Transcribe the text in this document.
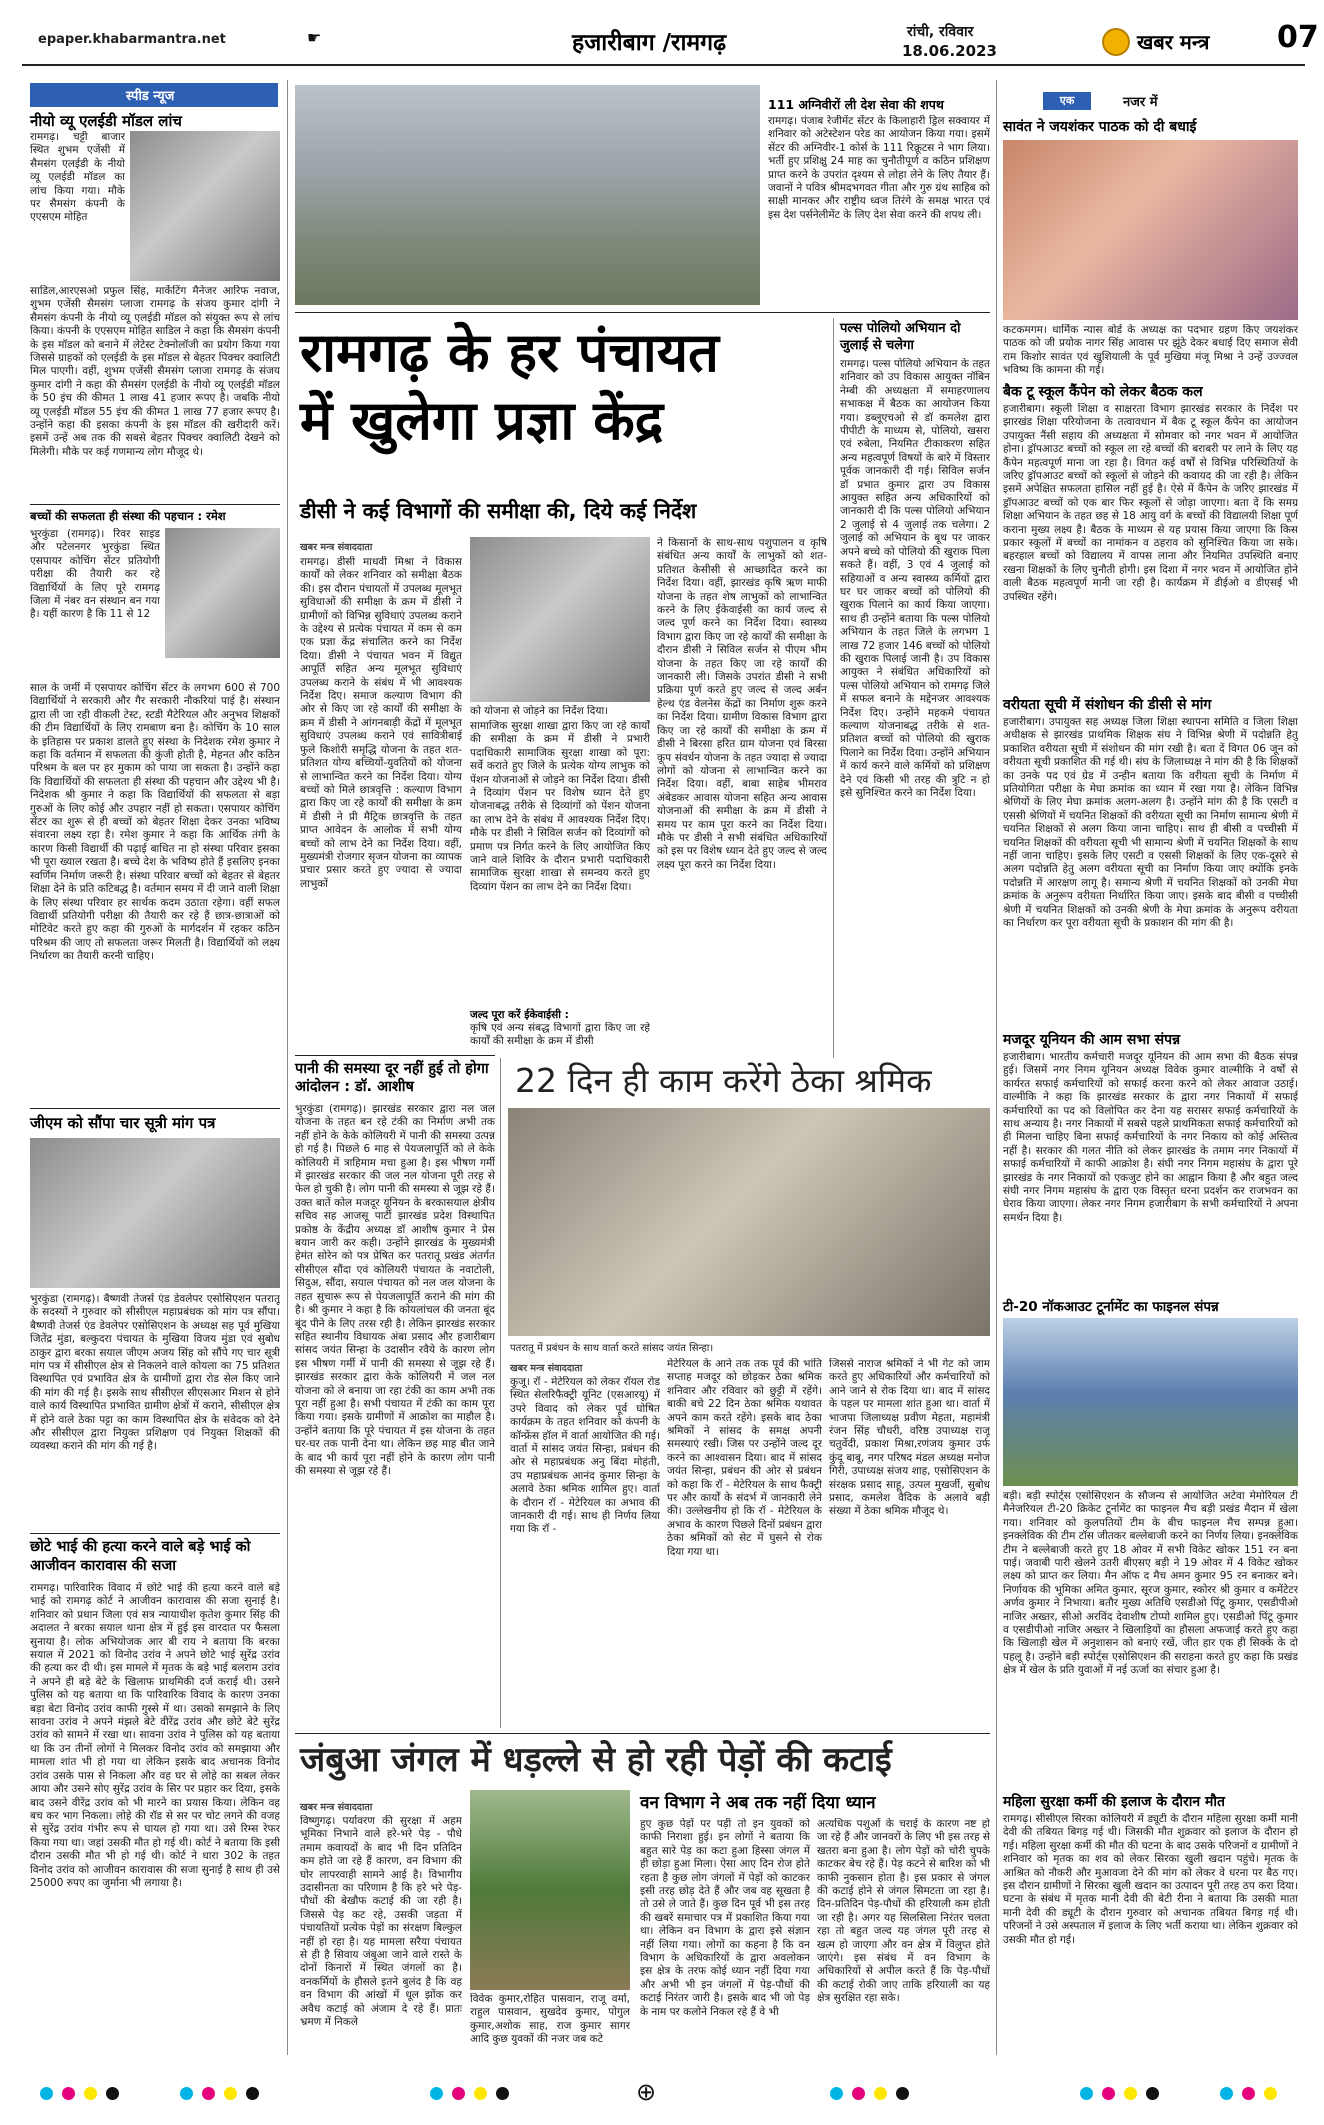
epaper.khabarmantra.net	☛	हजारीबाग /रामगढ़	रांची, रविवार
18.06.2023	खबर मन्त्र 07
स्पीड न्यूज
नीयो व्यू एलईडी मॉडल लांच
रामगढ़। चट्टी बाजार स्थित शुभम एजेंसी में सैमसंग एलईडी के नीयो व्यू एलईडी मॉडल का लांच किया गया। मौके पर सैमसंग कंपनी के एएसएम मोहित
साडिल,आरएसओ प्रफुल सिंह, मार्केटिंग मैनेजर आरिफ नवाज, शुभम एजेंसी सैमसंग प्लाजा रामगढ़ के संजय कुमार दांगी ने सैमसंग कंपनी के नीयो व्यू एलईडी मॉडल को संयुक्त रूप से लांच किया। कंपनी के एएसएम मोहित साडिल ने कहा कि सैमसंग कंपनी के इस मॉडल को बनाने में लेटेस्ट टेक्नोलॉजी का प्रयोग किया गया जिससे ग्राहकों को एलईडी के इस मॉडल से बेहतर पिक्चर क्वालिटी मिल पाएगी। वहीं, शुभम एजेंसी सैमसंग प्लाजा रामगढ़ के संजय कुमार दांगी ने कहा की सैमसंग एलईडी के नीयो व्यू एलईडी मॉडल के 50 इंच की कीमत 1 लाख 41 हजार रूपए है। जबकि नीयो व्यू एलईडी मॉडल 55 इंच की कीमत 1 लाख 77 हजार रूपए है। उन्होंने कहा की इसका कंपनी के इस मॉडल की खरीदारी करें। इसमें उन्हें अब तक की सबसे बेहतर पिक्चर क्वालिटी देखने को मिलेगी। मौके पर कई गणमान्य लोग मौजूद थे।
बच्चों की सफलता ही संस्था की पहचान : रमेश
भुरकुंडा (रामगढ़)। रिवर साइड और पटेलनगर भुरकुंडा स्थित एसपायर कोचिंग सेंटर प्रतियोगी परीक्षा की तैयारी कर रहे विद्यार्थियों के लिए पूरे रामगढ़ जिला में नंबर वन संस्थान बन गया है। यहीं कारण है कि 11 से 12
साल के जमीं में एसपायर कोचिंग सेंटर के लगभग 600 से 700 विद्यार्थियों ने सरकारी और गैर सरकारी नौकरियां पाई है। संस्थान द्वारा ली जा रही वीकली टेस्ट, स्टडी मैटेरियल और अनुभव शिक्षकों की टीम विद्यार्थियों के लिए रामबाण बना है। कोचिंग के 10 साल के इतिहास पर प्रकाश डालते हुए संस्था के निदेशक रमेश कुमार ने कहा कि वर्तमान में सफलता की कुंजी होती है, मेहनत और कठिन परिश्रम के बल पर हर मुकाम को पाया जा सकता है। उन्होंने कहा कि विद्यार्थियों की सफलता ही संस्था की पहचान और उद्देश्य भी है। निदेशक श्री कुमार ने कहा कि विद्यार्थियों की सफलता से बड़ा गुरुओं के लिए कोई और उपहार नहीं हो सकता। एसपायर कोचिंग सेंटर का शुरू से ही बच्चों को बेहतर शिक्षा देकर उनका भविष्य संवारना लक्ष्य रहा है। रमेश कुमार ने कहा कि आर्थिक तंगी के कारण किसी विद्यार्थी की पढ़ाई बाधित ना हो संस्था परिवार इसका भी पूरा ख्याल रखता है। बच्चे देश के भविष्य होते हैं इसलिए इनका स्वर्णिम निर्माण जरूरी है। संस्था परिवार बच्चों को बेहतर से बेहतर शिक्षा देने के प्रति कटिबद्ध है। वर्तमान समय में दी जाने वाली शिक्षा के लिए संस्था परिवार हर सार्थक कदम उठाता रहेगा। वहीं सफल विद्यार्थी प्रतियोगी परीक्षा की तैयारी कर रहे हैं छात्र-छात्राओं को मोटिवेट करते हुए कहा की गुरुओं के मार्गदर्शन में रहकर कठिन परिश्रम की जाए तो सफलता जरूर मिलती है। विद्यार्थियों को लक्ष्य निर्धारण का तैयारी करनी चाहिए।
जीएम को सौंपा चार सूत्री मांग पत्र
भुरकुंडा (रामगढ़)। बैष्णवी तेजर्स एंड डेवलेपर एसोसिएशन पतरातू के सदस्यों ने गुरुवार को सीसीएल महाप्रबंधक को मांग पत्र सौंपा। बैष्णवी तेजर्स एंड डेवलेपर एसोसिएशन के अध्यक्ष सह पूर्व मुखिया जितेंद्र मुंडा, बल्कुदरा पंचायत के मुखिया विजय मुंडा एवं सुबोध ठाकुर द्वारा बरका सयाल जीएम अजय सिंह को सौंपे गए चार सूत्री मांग पत्र में सीसीएल क्षेत्र से निकलने वाले कोयला का 75 प्रतिशत विस्थापित एवं प्रभावित क्षेत्र के ग्रामीणों द्वारा रोड सेल किए जाने की मांग की गई है। इसके साथ सीसीएल सीएसआर मिशन से होने वाले कार्य विस्थापित प्रभावित ग्रामीण क्षेत्रों में कराने, सीसीएल क्षेत्र में होने वाले ठेका पट्टा का काम विस्थापित क्षेत्र के संवेदक को देने और सीसीएल द्वारा नियुक्त प्रशिक्षण एवं नियुक्त शिक्षकों की व्यवस्था कराने की मांग की गई है।
छोटे भाई की हत्या करने वाले बड़े भाई को आजीवन कारावास की सजा
रामगढ़। पारिवारिक विवाद में छोटे भाई की हत्या करने वाले बड़े भाई को रामगढ़ कोर्ट ने आजीवन कारावास की सजा सुनाई है। शनिवार को प्रधान जिला एवं सत्र न्यायाधीश कृतेश कुमार सिंह की अदालत ने बरका सयाल थाना क्षेत्र में हुई इस वारदात पर फैसला सुनाया है। लोक अभियोजक आर बी राय ने बताया कि बरका सयाल में 2021 को विनोद उरांव ने अपने छोटे भाई सुरेंद्र उरांव की हत्या कर दी थी। इस मामले में मृतक के बड़े भाई बलराम उरांव ने अपने ही बड़े बेटे के खिलाफ प्राथमिकी दर्ज कराई थी। उसने पुलिस को यह बताया था कि पारिवारिक विवाद के कारण उनका बड़ा बेटा विनोद उरांव काफी गुस्से में था। उसको समझाने के लिए सावना उरांव ने अपने मंझले बेटे वीरेंद्र उरांव और छोटे बेटे सुरेंद्र उरांव को सामने में रखा था। सावना उरांव ने पुलिस को यह बताया था कि उन तीनों लोगों ने मिलकर विनोद उरांव को समझाया और मामला शांत भी हो गया था लेकिन इसके बाद अचानक विनोद उरांव उसके पास से निकला और वह घर से लोहे का सबल लेकर आया और उसने सोए सुरेंद्र उरांव के सिर पर प्रहार कर दिया, इसके बाद उसने वीरेंद्र उरांव को भी मारने का प्रयास किया। लेकिन वह बच कर भाग निकला। लोहे की रॉड से सर पर चोट लगने की वजह से सुरेंद्र उरांव गंभीर रूप से घायल हो गया था। उसे रिम्स रेफर किया गया था। जहां उसकी मौत हो गई थी। कोर्ट ने बताया कि इसी दौरान उसकी मौत भी हो गई थी। कोर्ट ने धारा 302 के तहत विनोद उरांव को आजीवन कारावास की सजा सुनाई है साथ ही उसे 25000 रुपए का जुर्माना भी लगाया है।
111 अग्निवीरों ली देश सेवा की शपथ
रामगढ़। पंजाब रेजीमेंट सेंटर के किलाहारी ड्रिल सक्वायर में शनिवार को अटेस्टेशन परेड का आयोजन किया गया। इसमें सेंटर की अग्निवीर-1 कोर्स के 111 रिक्रूटस ने भाग लिया। भर्ती हुए प्रशिक्षु 24 माह का चुनौतीपूर्ण व कठिन प्रशिक्षण प्राप्त करने के उपरांत दृश्यम से लोहा लेने के लिए तैयार हैं। जवानों ने पवित्र श्रीमदभगवत गीता और गुरु ग्रंथ साहिब को साक्षी मानकर और राष्ट्रीय ध्वज तिरंगे के समक्ष भारत एवं इस देश पर्सनेलीमेंट के लिए देश सेवा करने की शपथ ली।
रामगढ़ के हर पंचायत
में खुलेगा प्रज्ञा केंद्र
डीसी ने कई विभागों की समीक्षा की, दिये कई निर्देश
खबर मन्त्र संवाददाता
रामगढ़। डीसी माधवी मिश्रा ने विकास कार्यों को लेकर शनिवार को समीक्षा बैठक की। इस दौरान पंचायतों में उपलब्ध मूलभूत सुविधाओं की समीक्षा के क्रम में डीसी ने ग्रामीणों को विभिन्न सुविधाएं उपलब्ध कराने के उद्देश्य से प्रत्येक पंचायत में कम से कम एक प्रज्ञा केंद्र संचालित करने का निर्देश दिया। डीसी ने पंचायत भवन में विद्युत आपूर्ति सहित अन्य मूलभूत सुविधाएं उपलब्ध कराने के संबंध में भी आवश्यक निर्देश दिए। समाज कल्याण विभाग की ओर से किए जा रहे कार्यों की समीक्षा के क्रम में डीसी ने आंगनबाड़ी केंद्रों में मूलभूत सुविधाएं उपलब्ध कराने एवं सावित्रीबाई फुले किशोरी समृद्धि योजना के तहत शत-प्रतिशत योग्य बच्चियों-युवतियों को योजना से लाभान्वित करने का निर्देश दिया। योग्य बच्चों को मिले छात्रवृत्ति : कल्याण विभाग द्वारा किए जा रहे कार्यों की समीक्षा के क्रम में डीसी ने प्री मैट्रिक छात्रवृत्ति के तहत प्राप्त आवेदन के आलोक में सभी योग्य बच्चों को लाभ देने का निर्देश दिया। वहीं, मुख्यमंत्री रोजगार सृजन योजना का व्यापक प्रचार प्रसार करते हुए ज्यादा से ज्यादा लाभुकों
को योजना से जोड़ने का निर्देश दिया।
सामाजिक सुरक्षा शाखा द्वारा किए जा रहे कार्यों की समीक्षा के क्रम में डीसी ने प्रभारी पदाधिकारी सामाजिक सुरक्षा शाखा को पूरा: सर्वे कराते हुए जिले के प्रत्येक योग्य लाभुक को पेंशन योजनाओं से जोड़ने का निर्देश दिया। डीसी ने दिव्यांग पेंशन पर विशेष ध्यान देते हुए योजनाबद्ध तरीके से दिव्यांगों को पेंशन योजना का लाभ देने के संबंध में आवश्यक निर्देश दिए। मौके पर डीसी ने सिविल सर्जन को दिव्यांगों को प्रमाण पत्र निर्गत करने के लिए आयोजित किए जाने वाले शिविर के दौरान प्रभारी पदाधिकारी सामाजिक सुरक्षा शाखा से समन्वय करते हुए दिव्यांग पेंशन का लाभ देने का निर्देश दिया।
जल्द पूरा करें ईकेवाईसी :
कृषि एवं अन्य संबद्ध विभागों द्वारा किए जा रहे कार्यों की समीक्षा के क्रम में डीसी
ने किसानों के साथ-साथ पशुपालन व कृषि संबंधित अन्य कार्यों के लाभुकों को शत-प्रतिशत केसीसी से आच्छादित करने का निर्देश दिया। वहीं, झारखंड कृषि ऋण माफी योजना के तहत शेष लाभुकों को लाभान्वित करने के लिए ईकेवाईसी का कार्य जल्द से जल्द पूर्ण करने का निर्देश दिया। स्वास्थ्य विभाग द्वारा किए जा रहे कार्यों की समीक्षा के दौरान डीसी ने सिविल सर्जन से पीएम भीम योजना के तहत किए जा रहे कार्यों की जानकारी ली। जिसके उपरांत डीसी ने सभी प्रक्रिया पूर्ण करते हुए जल्द से जल्द अर्बन हेल्थ एंड वेलनेस केंद्रों का निर्माण शुरू करने का निर्देश दिया। ग्रामीण विकास विभाग द्वारा किए जा रहे कार्यों की समीक्षा के क्रम में डीसी ने बिरसा हरित ग्राम योजना एवं बिरसा कूप संवर्धन योजना के तहत ज्यादा से ज्यादा लोगों को योजना से लाभान्वित करने का निर्देश दिया। वहीं, बाबा साहेब भीमराव अंबेडकर आवास योजना सहित अन्य आवास योजनाओं की समीक्षा के क्रम में डीसी ने समय पर काम पूरा करने का निर्देश दिया। मौके पर डीसी ने सभी संबंधित अधिकारियों को इस पर विशेष ध्यान देते हुए जल्द से जल्द लक्ष्य पूरा करने का निर्देश दिया।
पल्स पोलियो अभियान दो जुलाई से चलेगा
रामगढ़। पल्स पोलियो अभियान के तहत शनिवार को उप विकास आयुक्त नॉबिन नेम्बी की अध्यक्षता में समाहरणालय सभाकक्ष में बैठक का आयोजन किया गया। डब्लूएचओ से डॉ कमलेश द्वारा पीपीटी के माध्यम से, पोलियो, खसरा एवं रुबेला, नियमित टीकाकरण सहित अन्य महत्वपूर्ण विषयों के बारे में विस्तार पूर्वक जानकारी दी गई। सिविल सर्जन डॉ प्रभात कुमार द्वारा उप विकास आयुक्त सहित अन्य अधिकारियों को जानकारी दी कि पल्स पोलियो अभियान 2 जुलाई से 4 जुलाई तक चलेगा। 2 जुलाई को अभियान के बूथ पर जाकर अपने बच्चे को पोलियो की खुराक पिला सकते हैं। वहीं, 3 एवं 4 जुलाई को सहियाओं व अन्य स्वास्थ्य कर्मियों द्वारा घर घर जाकर बच्चों को पोलियो की खुराक पिलाने का कार्य किया जाएगा। साथ ही उन्होंने बताया कि पल्स पोलियो अभियान के तहत जिले के लगभग 1 लाख 72 हजार 146 बच्चों को पोलियो की खुराक पिलाई जानी है। उप विकास आयुक्त ने संबंधित अधिकारियों को पल्स पोलियो अभियान को रामगढ़ जिले में सफल बनाने के मद्देनजर आवश्यक निर्देश दिए। उन्होंने महकमे पंचायत कल्याण योजनाबद्ध तरीके से शत-प्रतिशत बच्चों को पोलियो की खुराक पिलाने का निर्देश दिया। उन्होंने अभियान में कार्य करने वाले कर्मियों को प्रशिक्षण देने एवं किसी भी तरह की त्रुटि न हो इसे सुनिश्चित करने का निर्देश दिया।
पानी की समस्या दूर नहीं हुई तो होगा आंदोलन : डॉ. आशीष
भुरकुंडा (रामगढ़)। झारखंड सरकार द्वारा नल जल योजना के तहत बन रहे टंकी का निर्माण अभी तक नहीं होने के केके कोलियरी में पानी की समस्या उत्पन्न हो गई है। पिछले 6 माह से पेयजलापूर्ति को ले केके कोलियरी में त्राहिमाम मचा हुआ है। इस भीषण गर्मी में झारखंड सरकार की जल नल योजना पूरी तरह से फेल हो चुकी है। लोग पानी की समस्या से जूझ रहे हैं। उक्त बातें कोल मजदूर यूनियन के बरकासयाल क्षेत्रीय सचिव सह आजसू पार्टी झारखंड प्रदेश विस्थापित प्रकोष्ठ के केंद्रीय अध्यक्ष डॉ आशीष कुमार ने प्रेस बयान जारी कर कही। उन्होंने झारखंड के मुख्यमंत्री हेमंत सोरेन को पत्र प्रेषित कर पतरातू प्रखंड अंतर्गत सीसीएल सौंदा एवं कोलियरी पंचायत के नवाटोली, सिदुअ, सौंदा, सयाल पंचायत को नल जल योजना के तहत सुचारू रूप से पेयजलापूर्ति कराने की मांग की है। श्री कुमार ने कहा है कि कोयलांचल की जनता बूंद बूंद पीने के लिए तरस रही है। लेकिन झारखंड सरकार सहित स्थानीय विधायक अंबा प्रसाद और हजारीबाग सांसद जयंत सिन्हा के उदासीन रवैये के कारण लोग इस भीषण गर्मी में पानी की समस्या से जूझ रहे हैं। झारखंड सरकार द्वारा केके कोलियरी में जल नल योजना को ले बनाया जा रहा टंकी का काम अभी तक पूरा नहीं हुआ है। सभी पंचायत में टंकी का काम पूरा किया गया। इसके ग्रामीणों में आक्रोश का माहौल है। उन्होंने बताया कि पूरे पंचायत में इस योजना के तहत घर-घर तक पानी देना था। लेकिन छह माह बीत जाने के बाद भी कार्य पूरा नहीं होने के कारण लोग पानी की समस्या से जूझ रहे हैं।
22 दिन ही काम करेंगे ठेका श्रमिक
पतरातू में प्रबंधन के साथ वार्ता करते सांसद जयंत सिन्हा।
खबर मन्त्र संवाददाता
कुजू। रॉ - मेटेरियल को लेकर रॉयल रोड स्थित सेलरिफैक्ट्री यूनिट (एसआरयू) में उपरे विवाद को लेकर पूर्व घोषित कार्यक्रम के तहत शनिवार को कंपनी के कॉन्फ्रेंस हॉल में वार्ता आयोजित की गई। वार्ता में सांसद जयंत सिन्हा, प्रबंधन की ओर से महाप्रबंधक अनु बिंदा मोहंती, उप महाप्रबंधक आनंद कुमार सिन्हा के अलावे ठेका श्रमिक शामिल हुए। वार्ता के दौरान रॉ - मेटेरियल का अभाव की जानकारी दी गई। साथ ही निर्णय लिया गया कि रॉ -
मेटेरियल के आने तक तक पूर्व की भांति सप्ताह मजदूर को छोड़कर ठेका श्रमिक शनिवार और रविवार को छुट्टी में रहेंगे। बाकी बचे 22 दिन ठेका श्रमिक यथावत अपने काम करते रहेंगे। इसके बाद ठेका श्रमिकों ने सांसद के समक्ष अपनी समस्याएं रखी। जिस पर उन्होंने जल्द दूर करने का आश्वासन दिया। बाद में सांसद जयंत सिन्हा, प्रबंधन की ओर से प्रबंधन को कहा कि रॉ - मेटेरियल के साथ फैक्ट्री पर और कार्यों के संदर्भ में जानकारी लेने की। उल्लेखनीय हो कि रॉ - मेटेरियल के अभाव के कारण पिछले दिनों प्रबंधन द्वारा ठेका श्रमिकों को सेट में घुसने से रोक दिया गया था।
जिससे नाराज श्रमिकों ने भी गेट को जाम करते हुए अधिकारियों और कर्मचारियों को आने जाने से रोक दिया था। बाद में सांसद के पहल पर मामला शांत हुआ था। वार्ता में भाजपा जिलाध्यक्ष प्रवीण मेहता, महामंत्री रंजन सिंह चौधरी, वरिष्ठ उपाध्यक्ष राजू चतुर्वेदी, प्रकाश मिश्रा,रणंजय कुमार उर्फ कुंदू बाबू, नगर परिषद मंडल अध्यक्ष मनोज गिरी, उपाध्यक्ष संजय शाह, एसोसिएशन के संरक्षक प्रसाद साहू, उत्पल मुखर्जी, सुबोध प्रसाद, कमलेश वैदिक के अलावे बड़ी संख्या में ठेका श्रमिक मौजूद थे।
जंबुआ जंगल में धड़ल्ले से हो रही पेड़ों की कटाई
खबर मन्त्र संवाददाता
विष्णुगढ़। पर्यावरण की सुरक्षा में अहम भूमिका निभाने वाले हरे-भरे पेड़ - पौधे तमाम कवायदों के बाद भी दिन प्रतिदिन कम होते जा रहे हैं कारण, वन विभाग की घोर लापरवाही सामने आई है। विभागीय उदासीनता का परिणाम है कि हरे भरे पेड़-पौधों की बेखौफ कटाई की जा रही है। जिससे पेड़ कट रहे, उसकी जड़ता में पंचायतियों प्रत्येक पेड़ों का संरक्षण बिल्कुल नहीं हो रहा है। यह मामला सरैया पंचायत से ही है सिवाय जंबुआ जाने वाले रास्ते के दोनों किनारों में स्थित जंगलों का है। वनकर्मियों के हौसले इतने बुलंद है कि वह वन विभाग की आंखों में धूल झोंक कर अवैध कटाई को अंजाम दे रहे हैं। प्रातः भ्रमण में निकले
विवेक कुमार,रोहित पासवान, राजू वर्मा, राहुल पासवान, सुखदेव कुमार, पोगुल कुमार,अशोक साह, राज कुमार सागर आदि कुछ युवकों की नजर जब कटे
वन विभाग ने अब तक नहीं दिया ध्यान
हुए कुछ पेड़ों पर पड़ी तो इन युवकों को काफी निराशा हुई। इन लोगों ने बताया कि बहुत सारे पेड़ का कटा हुआ हिस्सा जंगल में ही छोड़ा हुआ मिला। ऐसा आए दिन रोज होते रहता है कुछ लोग जंगलों में पेड़ों को काटकर इसी तरह छोड़ देते हैं और जब वह सूखता है तो उसे ले जाते हैं। कुछ दिन पूर्व भी इस तरह की खबरें समाचार पत्र में प्रकाशित किया गया था। लेकिन वन विभाग के द्वारा इसे संज्ञान नहीं लिया गया। लोगों का कहना है कि वन विभाग के अधिकारियों के द्वारा अवलोकन इस क्षेत्र के तरफ कोई ध्यान नहीं दिया गया और अभी भी इन जंगलों में पेड़-पौधों की कटाई निरंतर जारी है। इसके बाद भी जो पेड़ के नाम पर कलोने निकल रहे हैं वे भी
अत्यधिक पशुओं के चराई के कारण नष्ट हो जा रहे हैं और जानवरों के लिए भी इस तरह से खतरा बना हुआ है। लोग पेड़ों को चोरी चुपके काटकर बेच रहे हैं। पेड़ कटने से बारिश को भी काफी नुकसान होता है। इस प्रकार से जंगल की कटाई होने से जंगल सिमटता जा रहा है। दिन-प्रतिदिन पेड़-पौधों की हरियाली कम होती जा रही है। अगर यह सिलसिला निरंतर चलता रहा तो बहुत जल्द यह जंगल पूरी तरह से खत्म हो जाएगा और वन क्षेत्र में विलुप्त होते जाएंगे। इस संबंध में वन विभाग के अधिकारियों से अपील करते हैं कि पेड़-पौधों की कटाई रोकी जाए ताकि हरियाली का यह क्षेत्र सुरक्षित रहा सके।
एक	नजर में
सावंत ने जयशंकर पाठक को दी बधाई
कटकमगम। धार्मिक न्यास बोर्ड के अध्यक्ष का पदभार ग्रहण किए जयशंकर पाठक को जी प्रयोक नागर सिंह आवास पर झूंठे देकर बधाई दिए समाज सेवी राम किशोर सावंत एवं खुशियाली के पूर्व मुखिया मंजू मिश्रा ने उन्हें उज्ज्वल भविष्य कि कामना की गई।
बैक टू स्कूल कैंपेन को लेकर बैठक कल
हजारीबाग। स्कूली शिक्षा व साक्षरता विभाग झारखंड सरकार के निर्देश पर झारखंड शिक्षा परियोजना के तत्वावधान में बैक टू स्कूल कैंपेन का आयोजन उपायुक्त नैंसी सहाय की अध्यक्षता में सोमवार को नगर भवन में आयोजित होना। ड्रॉपआउट बच्चों को स्कूल ला रहे बच्चों की बराबरी पर लाने के लिए यह कैंपेन महत्वपूर्ण माना जा रहा है। विगत कई वर्षों से विभिन्न परिस्थितियों के जरिए ड्रॉपआउट बच्चों को स्कूलों से जोड़ने की कवायद की जा रही है। लेकिन इसमें अपेक्षित सफलता हासिल नहीं हुई है। ऐसे में कैंपेन के जरिए झारखंड में ड्रॉपआउट बच्चों को एक बार फिर स्कूलों से जोड़ा जाएगा। बता दें कि समग्र शिक्षा अभियान के तहत छह से 18 आयु वर्ग के बच्चों की विद्यालयी शिक्षा पूर्ण कराना मुख्य लक्ष्य है। बैठक के माध्यम से यह प्रयास किया जाएगा कि किस प्रकार स्कूलों में बच्चों का नामांकन व ठहराव को सुनिश्चित किया जा सके। बहरहाल बच्चों को विद्यालय में वापस लाना और नियमित उपस्थिति बनाए रखना शिक्षकों के लिए चुनौती होगी। इस दिशा में नगर भवन में आयोजित होने वाली बैठक महत्वपूर्ण मानी जा रही है। कार्यक्रम में डीईओ व डीएसई भी उपस्थित रहेंगे।
वरीयता सूची में संशोधन की डीसी से मांग
हजारीबाग। उपायुक्त सह अध्यक्ष जिला शिक्षा स्थापना समिति व जिला शिक्षा अधीक्षक से झारखंड प्राथमिक शिक्षक संघ ने विभिन्न श्रेणी में पदोन्नति हेतु प्रकाशित वरीयता सूची में संशोधन की मांग रखी है। बता दें विगत 06 जून को वरीयता सूची प्रकाशित की गई थी। संघ के जिलाध्यक्ष ने मांग की है कि शिक्षकों का उनके पद एवं ग्रेड में उन्हीन बताया कि वरीयता सूची के निर्माण में प्रतियोगिता परीक्षा के मेघा क्रमांक का ध्यान में रखा गया है। लेकिन विभिन्न श्रेणियों के लिए मेघा क्रमांक अलग-अलग है। उन्होंने मांग की है कि एसटी व एससी श्रेणियों में चयनित शिक्षकों की वरीयता सूची का निर्माण सामान्य श्रेणी में चयनित शिक्षकों से अलग किया जाना चाहिए। साथ ही बीसी व पच्चीसी में चयनित शिक्षकों की वरीयता सूची भी सामान्य श्रेणी में चयनित शिक्षकों के साथ नहीं जाना चाहिए। इसके लिए एसटी व एससी शिक्षकों के लिए एक-दूसरे से अलग पदोन्नति हेतु अलग वरीयता सूची का निर्माण किया जाए क्योंकि इनके पदोन्नति में आरक्षण लागू है। समान्य श्रेणी में चयनित शिक्षकों को उनकी मेघा क्रमांक के अनुरूप वरीयता निर्धारित किया जाए। इसके बाद बीसी व पच्चीसी श्रेणी में चयनित शिक्षकों को उनकी श्रेणी के मेघा क्रमांक के अनुरूप वरीयता का निर्धारण कर पूरा वरीयता सूची के प्रकाशन की मांग की है।
मजदूर यूनियन की आम सभा संपन्न
हजारीबाग। भारतीय कर्मचारी मजदूर यूनियन की आम सभा की बैठक संपन्न हुई। जिसमें नगर निगम यूनियन अध्यक्ष विवेक कुमार वाल्मीकि ने वर्षों से कार्यरत सफाई कर्मचारियों को सफाई करना करने को लेकर आवाज उठाई। वाल्मीकि ने कहा कि झारखंड सरकार के द्वारा नगर निकायों में सफाई कर्मचारियों का पद को विलोपित कर देना यह सरासर सफाई कर्मचारियों के साथ अन्याय है। नगर निकायों में सबसे पहले प्राथमिकता सफाई कर्मचारियों को ही मिलना चाहिए बिना सफाई कर्मचारियों के नगर निकाय को कोई अस्तित्व नहीं है। सरकार की गलत नीति को लेकर झारखंड के तमाम नगर निकायों में सफाई कर्मचारियों में काफी आक्रोश है। संघी नगर निगम महासंघ के द्वारा पूरे झारखंड के नगर निकायों को एकजुट होने का आह्वान किया है और बहुत जल्द संघी नगर निगम महासंघ के द्वारा एक विस्तृत धरना प्रदर्शन कर राजभवन का घेराव किया जाएगा। लेकर नगर निगम हजारीबाग के सभी कर्मचारियों ने अपना समर्थन दिया है।
टी-20 नॉकआउट टूर्नामेंट का फाइनल संपन्न
बड़ी। बड़ी स्पोर्ट्स एसोसिएशन के सौजन्य से आयोजित अटेवा मेमोरियल टी मैनेजरियल टी-20 क्रिकेट टूर्नामेंट का फाइनल मैच बड़ी प्रखंड मैदान में खेला गया। शनिवार को कुलपतियों टीम के बीच फाइनल मैच सम्पन्न हुआ। इनक्लेविक की टीम टॉस जीतकर बल्लेबाजी करने का निर्णय लिया। इनक्लेविक टीम ने बल्लेबाजी करते हुए 18 ओवर में सभी विकेट खोकर 151 रन बना पाई। जवाबी पारी खेलने उतरी बीएसए बड़ी ने 19 ओवर में 4 विकेट खोकर लक्ष्य को प्राप्त कर लिया। मैन ऑफ द मैच अमन कुमार 95 रन बनाकर बने। निर्णायक की भूमिका अमित कुमार, सूरज कुमार, स्कोरर श्री कुमार व कमेंटेटर अर्णव कुमार ने निभाया। बतौर मुख्य अतिथि एसडीओ पिंटू कुमार, एसडीपीओ नाजिर अख्तर, सीओ अरविंद देवाशीष टोप्पो शामिल हुए। एसडीओ पिंटू कुमार व एसडीपीओ नाजिर अख्तर ने खिलाड़ियों का हौसला अफजाई करते हुए कहा कि खिलाड़ी खेल में अनुशासन को बनाएं रखें, जीत हार एक ही सिक्के के दो पहलू है। उन्होंने बड़ी स्पोर्ट्स एसोसिएशन की सराहना करते हुए कहा कि प्रखंड क्षेत्र में खेल के प्रति युवाओं में नई ऊर्जा का संचार हुआ है।
महिला सुरक्षा कर्मी की इलाज के दौरान मौत
रामगढ़। सीसीएल सिरका कोलियरी में ड्यूटी के दौरान महिला सुरक्षा कर्मी मानी देवी की तबियत बिगड़ गई थी। जिसकी मौत शुक्रवार को इलाज के दौरान हो गई। महिला सुरक्षा कर्मी की मौत की घटना के बाद उसके परिजनों व ग्रामीणों ने शनिवार को मृतक का शव को लेकर सिरका खुली खदान पहुंचे। मृतक के आश्रित को नौकरी और मुआवजा देने की मांग को लेकर वे धरना पर बैठ गए। इस दौरान ग्रामीणों ने सिरका खुली खदान का उत्पादन पूरी तरह ठप करा दिया। घटना के संबंध में मृतक मानी देवी की बेटी रीना ने बताया कि उसकी माता मानी देवी की ड्यूटी के दौरान गुरुवार को अचानक तबियत बिगड़ गई थी। परिजनों ने उसे अस्पताल में इलाज के लिए भर्ती कराया था। लेकिन शुक्रवार को उसकी मौत हो गई।
⊕
